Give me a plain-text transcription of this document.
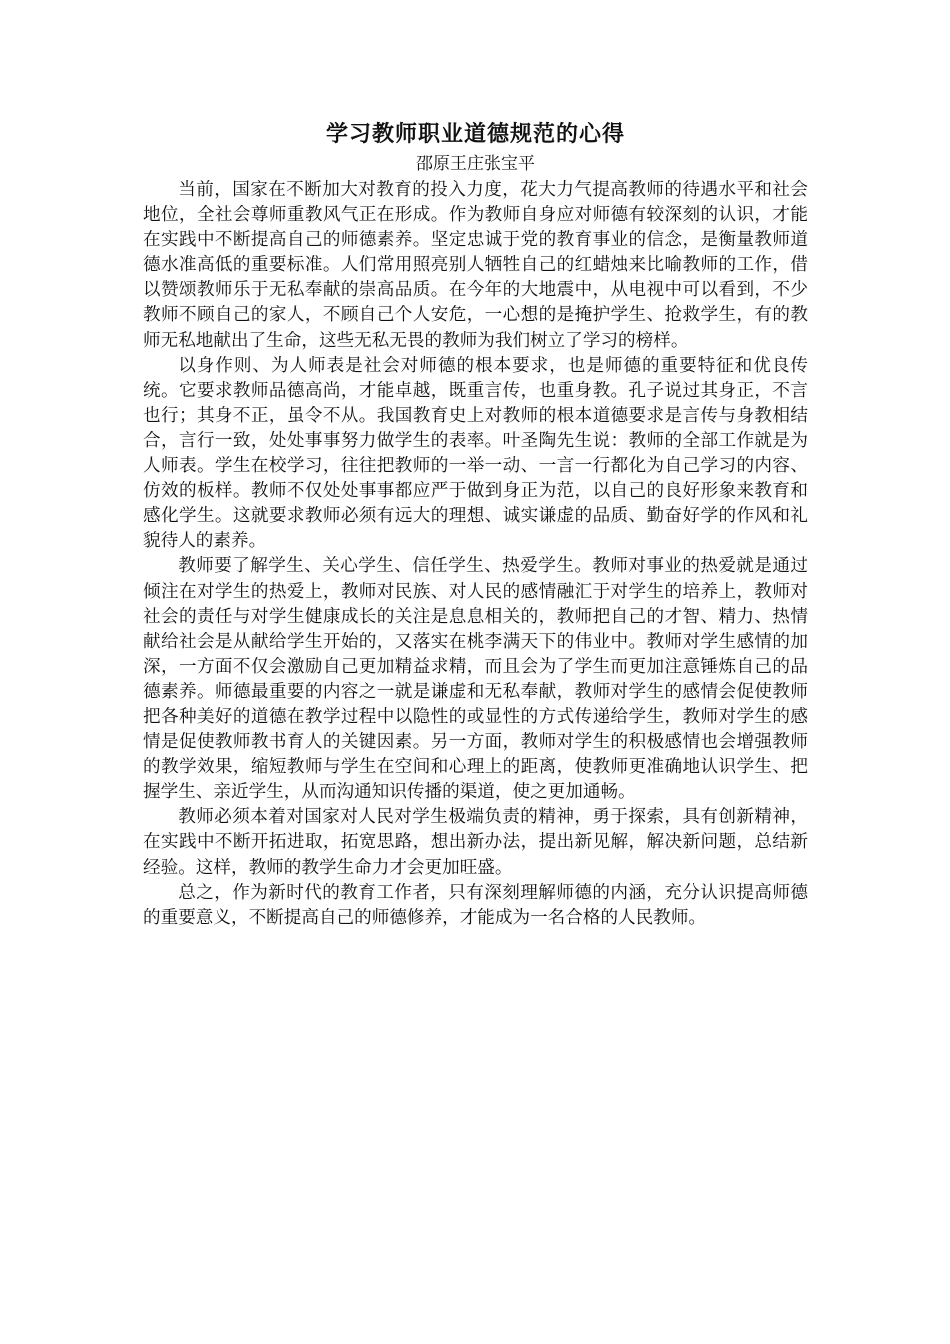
学习教师职业道德规范的心得

邵原王庄张宝平

当前，国家在不断加大对教育的投入力度，花大力气提高教师的待遇水平和社会地位，全社会尊师重教风气正在形成。作为教师自身应对师德有较深刻的认识，才能在实践中不断提高自己的师德素养。坚定忠诚于党的教育事业的信念，是衡量教师道德水准高低的重要标准。人们常用照亮别人牺牲自己的红蜡烛来比喻教师的工作，借以赞颂教师乐于无私奉献的崇高品质。在今年的大地震中，从电视中可以看到，不少教师不顾自己的家人，不顾自己个人安危，一心想的是掩护学生、抢救学生，有的教师无私地献出了生命，这些无私无畏的教师为我们树立了学习的榜样。

以身作则、为人师表是社会对师德的根本要求，也是师德的重要特征和优良传统。它要求教师品德高尚，才能卓越，既重言传，也重身教。孔子说过其身正，不言也行；其身不正，虽令不从。我国教育史上对教师的根本道德要求是言传与身教相结合，言行一致，处处事事努力做学生的表率。叶圣陶先生说：教师的全部工作就是为人师表。学生在校学习，往往把教师的一举一动、一言一行都化为自己学习的内容、仿效的板样。教师不仅处处事事都应严于做到身正为范，以自己的良好形象来教育和感化学生。这就要求教师必须有远大的理想、诚实谦虚的品质、勤奋好学的作风和礼貌待人的素养。

教师要了解学生、关心学生、信任学生、热爱学生。教师对事业的热爱就是通过倾注在对学生的热爱上，教师对民族、对人民的感情融汇于对学生的培养上，教师对社会的责任与对学生健康成长的关注是息息相关的，教师把自己的才智、精力、热情献给社会是从献给学生开始的，又落实在桃李满天下的伟业中。教师对学生感情的加深，一方面不仅会激励自己更加精益求精，而且会为了学生而更加注意锤炼自己的品德素养。师德最重要的内容之一就是谦虚和无私奉献，教师对学生的感情会促使教师把各种美好的道德在教学过程中以隐性的或显性的方式传递给学生，教师对学生的感情是促使教师教书育人的关键因素。另一方面，教师对学生的积极感情也会增强教师的教学效果，缩短教师与学生在空间和心理上的距离，使教师更准确地认识学生、把握学生、亲近学生，从而沟通知识传播的渠道，使之更加通畅。

教师必须本着对国家对人民对学生极端负责的精神，勇于探索，具有创新精神，在实践中不断开拓进取，拓宽思路，想出新办法，提出新见解，解决新问题，总结新经验。这样，教师的教学生命力才会更加旺盛。

总之，作为新时代的教育工作者，只有深刻理解师德的内涵，充分认识提高师德的重要意义，不断提高自己的师德修养，才能成为一名合格的人民教师。
